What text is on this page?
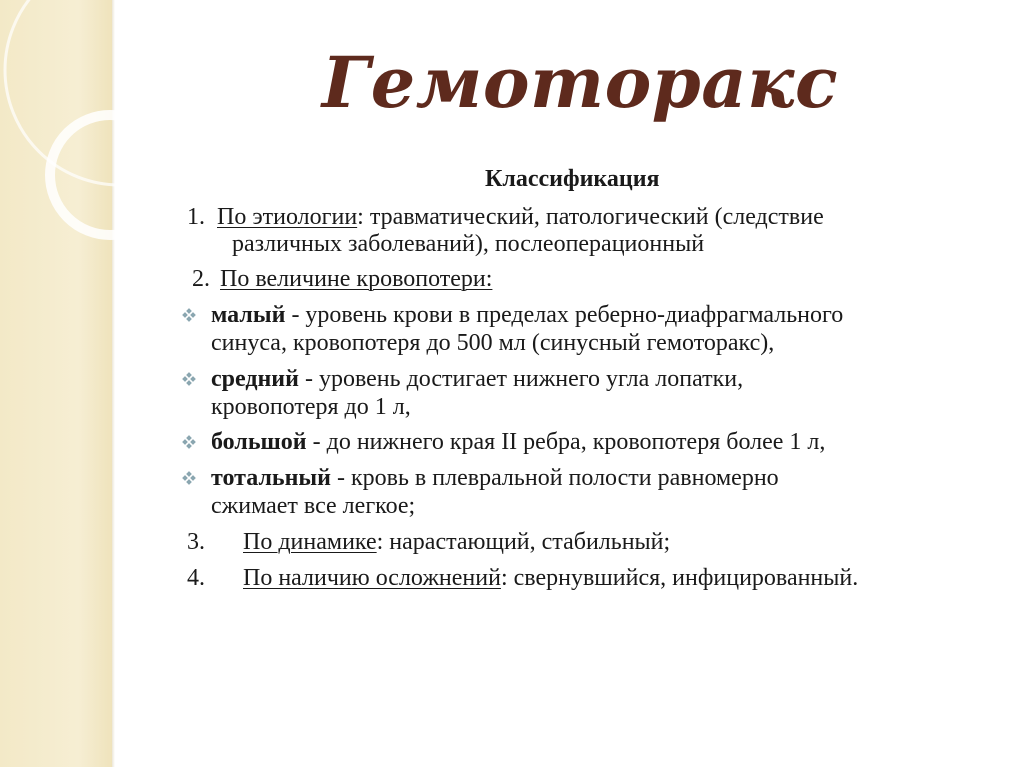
Гемоторакс
Классификация
1. По этиологии: травматический, патологический (следствие
различных заболеваний), послеоперационный
2. По величине кровопотери:
малый - уровень крови в пределах реберно-диафрагмального
синуса, кровопотеря до 500 мл (синусный гемоторакс),
средний - уровень достигает нижнего угла лопатки,
кровопотеря до 1 л,
большой - до нижнего края II ребра, кровопотеря более 1 л,
тотальный - кровь в плевральной полости равномерно
сжимает все легкое;
3. По динамике: нарастающий, стабильный;
4. По наличию осложнений: свернувшийся, инфицированный.
